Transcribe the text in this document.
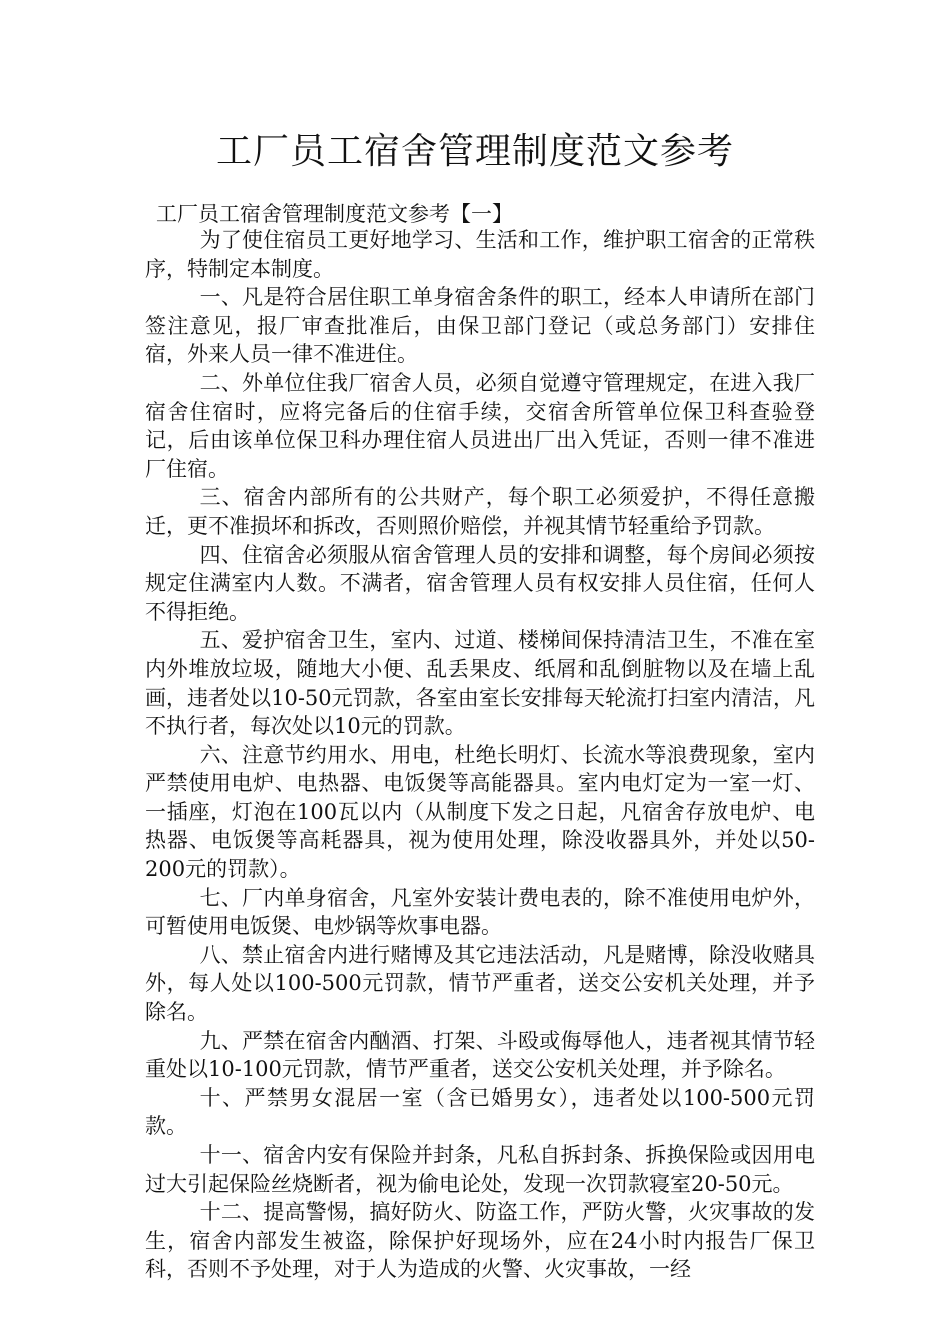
工厂员工宿舍管理制度范文参考
工厂员工宿舍管理制度范文参考【一】

为了使住宿员工更好地学习、生活和工作，维护职工宿舍的正常秩序，特制定本制度。

一、凡是符合居住职工单身宿舍条件的职工，经本人申请所在部门签注意见，报厂审查批准后，由保卫部门登记（或总务部门）安排住宿，外来人员一律不准进住。

二、外单位住我厂宿舍人员，必须自觉遵守管理规定，在进入我厂宿舍住宿时，应将完备后的住宿手续，交宿舍所管单位保卫科查验登记，后由该单位保卫科办理住宿人员进出厂出入凭证，否则一律不准进厂住宿。

三、宿舍内部所有的公共财产，每个职工必须爱护，不得任意搬迁，更不准损坏和拆改，否则照价赔偿，并视其情节轻重给予罚款。

四、住宿舍必须服从宿舍管理人员的安排和调整，每个房间必须按规定住满室内人数。不满者，宿舍管理人员有权安排人员住宿，任何人不得拒绝。

五、爱护宿舍卫生，室内、过道、楼梯间保持清洁卫生，不准在室内外堆放垃圾，随地大小便、乱丢果皮、纸屑和乱倒脏物以及在墙上乱画，违者处以10-50元罚款，各室由室长安排每天轮流打扫室内清洁，凡不执行者，每次处以10元的罚款。

六、注意节约用水、用电，杜绝长明灯、长流水等浪费现象，室内严禁使用电炉、电热器、电饭煲等高能器具。室内电灯定为一室一灯、一插座，灯泡在100瓦以内（从制度下发之日起，凡宿舍存放电炉、电热器、电饭煲等高耗器具，视为使用处理，除没收器具外，并处以50-200元的罚款）。

七、厂内单身宿舍，凡室外安装计费电表的，除不准使用电炉外，可暂使用电饭煲、电炒锅等炊事电器。

八、禁止宿舍内进行赌博及其它违法活动，凡是赌博，除没收赌具外，每人处以100-500元罚款，情节严重者，送交公安机关处理，并予除名。

九、严禁在宿舍内酗酒、打架、斗殴或侮辱他人，违者视其情节轻重处以10-100元罚款，情节严重者，送交公安机关处理，并予除名。

十、严禁男女混居一室（含已婚男女），违者处以100-500元罚款。

十一、宿舍内安有保险并封条，凡私自拆封条、拆换保险或因用电过大引起保险丝烧断者，视为偷电论处，发现一次罚款寝室20-50元。

十二、提高警惕，搞好防火、防盗工作，严防火警，火灾事故的发生，宿舍内部发生被盗，除保护好现场外，应在24小时内报告厂保卫科，否则不予处理，对于人为造成的火警、火灾事故，一经
